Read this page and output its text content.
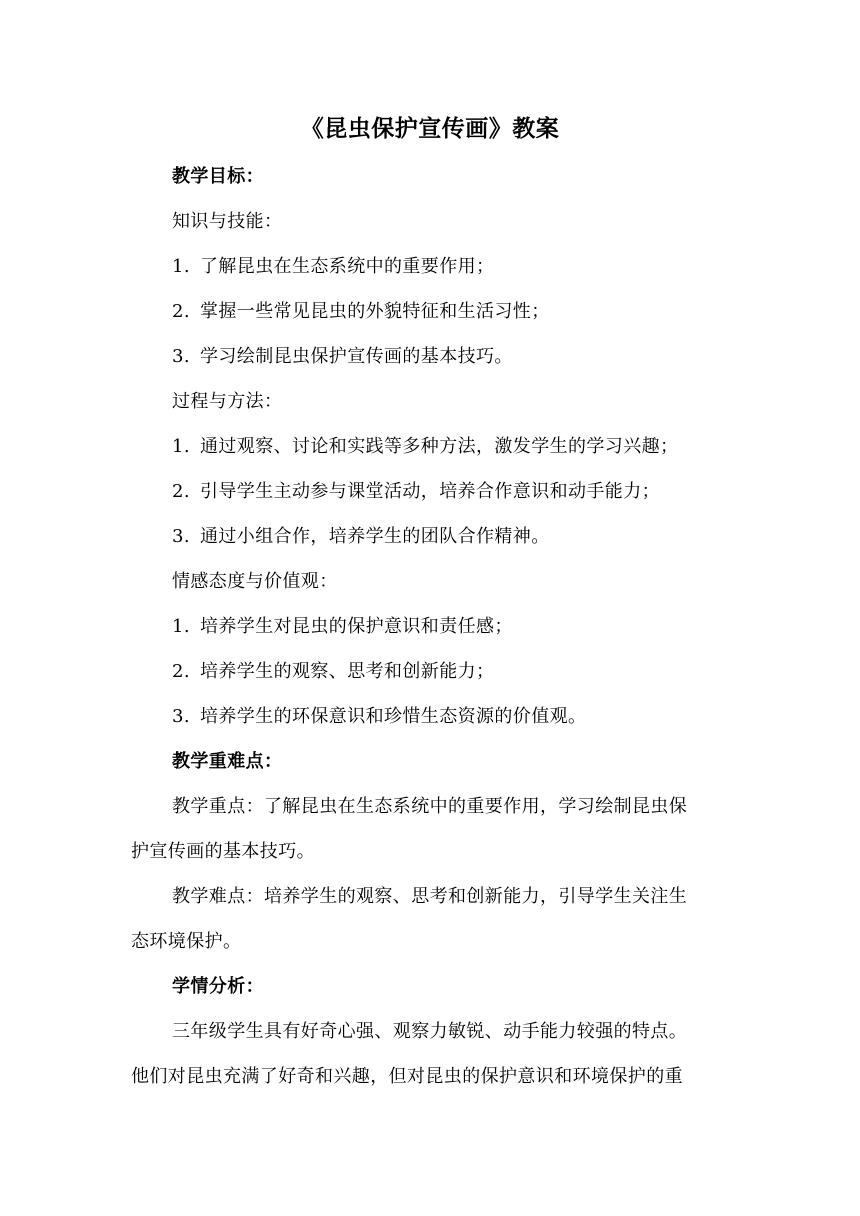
《昆虫保护宣传画》教案
教学目标：
知识与技能：
1. 了解昆虫在生态系统中的重要作用；
2. 掌握一些常见昆虫的外貌特征和生活习性；
3. 学习绘制昆虫保护宣传画的基本技巧。
过程与方法：
1. 通过观察、讨论和实践等多种方法，激发学生的学习兴趣；
2. 引导学生主动参与课堂活动，培养合作意识和动手能力；
3. 通过小组合作，培养学生的团队合作精神。
情感态度与价值观：
1. 培养学生对昆虫的保护意识和责任感；
2. 培养学生的观察、思考和创新能力；
3. 培养学生的环保意识和珍惜生态资源的价值观。
教学重难点：
教学重点：了解昆虫在生态系统中的重要作用，学习绘制昆虫保
护宣传画的基本技巧。
教学难点：培养学生的观察、思考和创新能力，引导学生关注生
态环境保护。
学情分析：
三年级学生具有好奇心强、观察力敏锐、动手能力较强的特点。
他们对昆虫充满了好奇和兴趣，但对昆虫的保护意识和环境保护的重
